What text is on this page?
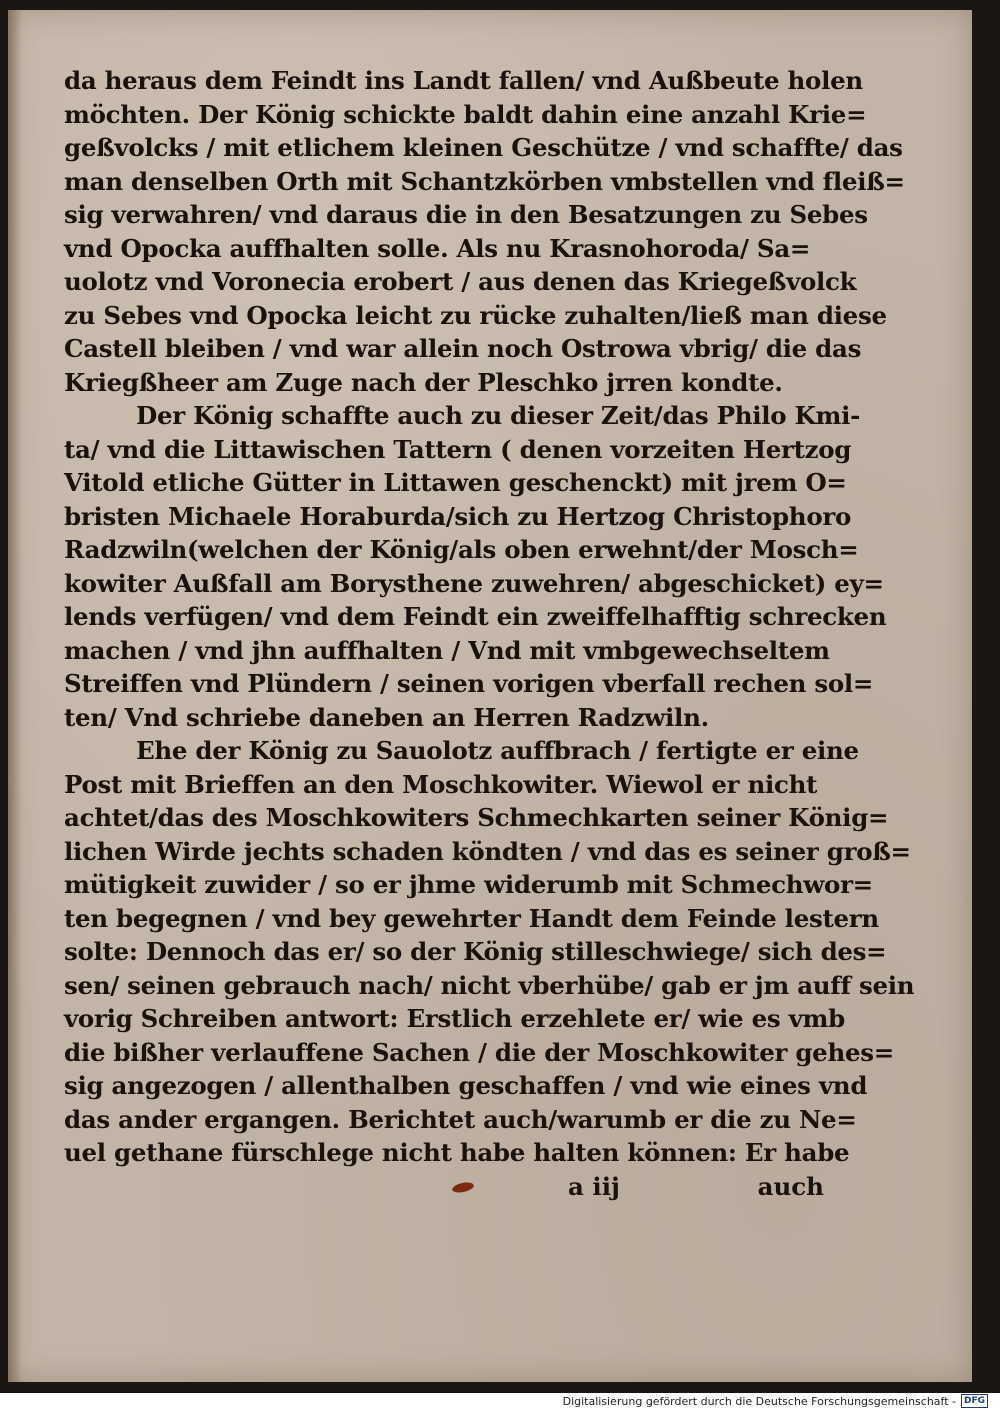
da heraus dem Feindt ins Landt fallen/ vnd Außbeute holen
möchten. Der König schickte baldt dahin eine anzahl Krie=
geßvolcks / mit etlichem kleinen Geschütze / vnd schaffte/ das
man denselben Orth mit Schantzkörben vmbstellen vnd fleiß=
sig verwahren/ vnd daraus die in den Besatzungen zu Sebes
vnd Opocka auffhalten solle. Als nu Krasnohoroda/ Sa=
uolotz vnd Voronecia erobert / aus denen das Kriegeßvolck
zu Sebes vnd Opocka leicht zu rücke zuhalten/ließ man diese
Castell bleiben / vnd war allein noch Ostrowa vbrig/ die das
Kriegßheer am Zuge nach der Pleschko jrren kondte.
Der König schaffte auch zu dieser Zeit/das Philo Kmi-
ta/ vnd die Littawischen Tattern ( denen vorzeiten Hertzog
Vitold etliche Gütter in Littawen geschenckt) mit jrem O=
bristen Michaele Horaburda/sich zu Hertzog Christophoro
Radzwiln(welchen der König/als oben erwehnt/der Mosch=
kowiter Außfall am Borysthene zuwehren/ abgeschicket) ey=
lends verfügen/ vnd dem Feindt ein zweiffelhafftig schrecken
machen / vnd jhn auffhalten / Vnd mit vmbgewechseltem
Streiffen vnd Plündern / seinen vorigen vberfall rechen sol=
ten/ Vnd schriebe daneben an Herren Radzwiln.
Ehe der König zu Sauolotz auffbrach / fertigte er eine
Post mit Brieffen an den Moschkowiter. Wiewol er nicht
achtet/das des Moschkowiters Schmechkarten seiner König=
lichen Wirde jechts schaden köndten / vnd das es seiner groß=
mütigkeit zuwider / so er jhme widerumb mit Schmechwor=
ten begegnen / vnd bey gewehrter Handt dem Feinde lestern
solte: Dennoch das er/ so der König stilleschwiege/ sich des=
sen/ seinen gebrauch nach/ nicht vberhübe/ gab er jm auff sein
vorig Schreiben antwort: Erstlich erzehlete er/ wie es vmb
die bißher verlauffene Sachen / die der Moschkowiter gehes=
sig angezogen / allenthalben geschaffen / vnd wie eines vnd
das ander ergangen. Berichtet auch/warumb er die zu Ne=
uel gethane fürschlege nicht habe halten können: Er habe
a iij	auch
Digitalisierung gefördert durch die Deutsche Forschungsgemeinschaft - DFG
